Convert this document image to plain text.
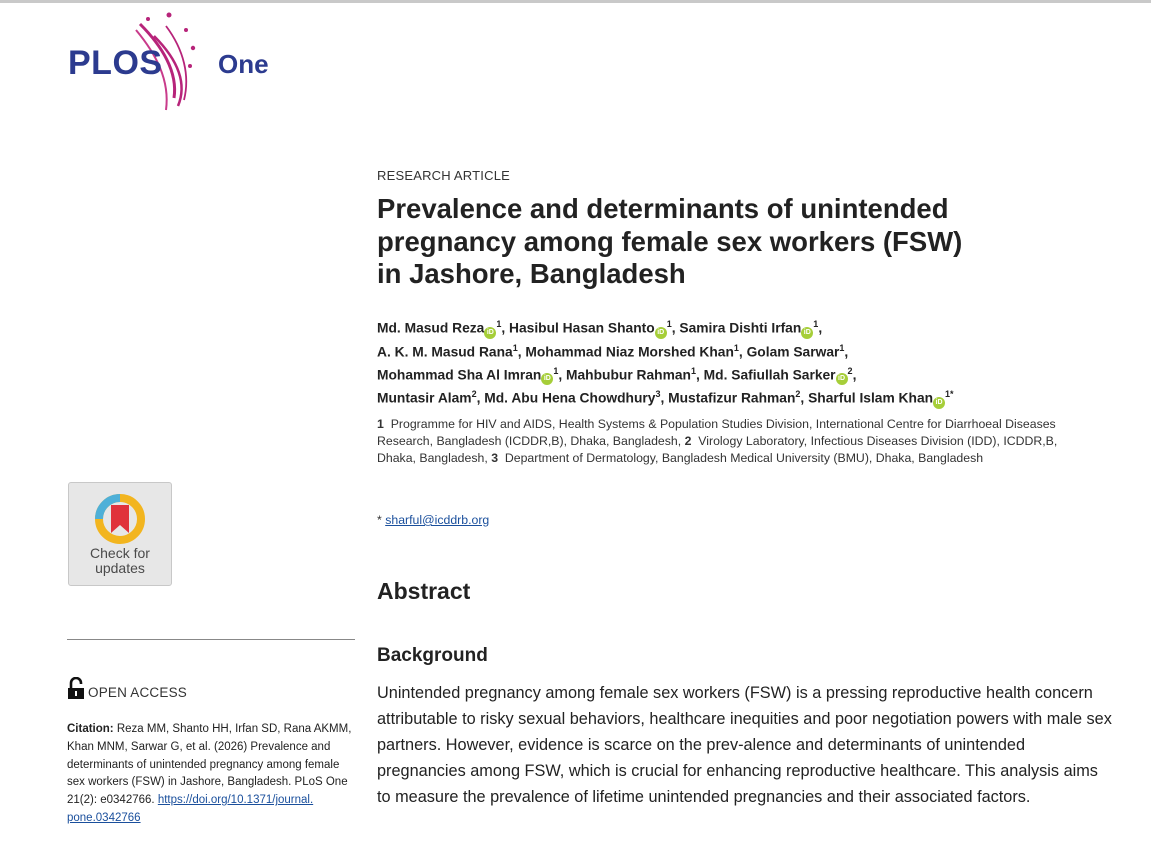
PLOS One
Check for
updates
OPEN ACCESS
Citation: Reza MM, Shanto HH, Irfan SD, Rana AKMM, Khan MNM, Sarwar G, et al. (2026) Prevalence and determinants of unintended pregnancy among female sex workers (FSW) in Jashore, Bangladesh. PLoS One 21(2): e0342766. https://doi.org/10.1371/journal.
pone.0342766
RESEARCH ARTICLE
Prevalence and determinants of unintended
pregnancy among female sex workers (FSW)
in Jashore, Bangladesh
Md. Masud Reza $iD^1$, Hasibul Hasan Shanto $iD^1$, Samira Dishti Irfan $iD^1$,
A. K. M. Masud Rana$^1$, Mohammad Niaz Morshed Khan$^1$, Golam Sarwar$^1$,
Mohammad Sha Al Imran $iD^1$, Mahbubur Rahman$^1$, Md. Safiullah Sarker $iD^2$,
Muntasir Alam$^2$, Md. Abu Hena Chowdhury$^3$, Mustafizur Rahman$^2$, Sharful Islam Khan $iD^{1*}$
1 Programme for HIV and AIDS, Health Systems & Population Studies Division, International Centre for Diarrhoeal Diseases Research, Bangladesh (ICDDR,B), Dhaka, Bangladesh, 2 Virology Laboratory, Infectious Diseases Division (IDD), ICDDR,B, Dhaka, Bangladesh, 3 Department of Dermatology, Bangladesh Medical University (BMU), Dhaka, Bangladesh
* sharful@icddrb.org
Abstract
Background
Unintended pregnancy among female sex workers (FSW) is a pressing reproductive health concern attributable to risky sexual behaviors, healthcare inequities and poor negotiation powers with male sex partners. However, evidence is scarce on the prev-alence and determinants of unintended pregnancies among FSW, which is crucial for enhancing reproductive healthcare. This analysis aims to measure the prevalence of lifetime unintended pregnancies and their associated factors.
